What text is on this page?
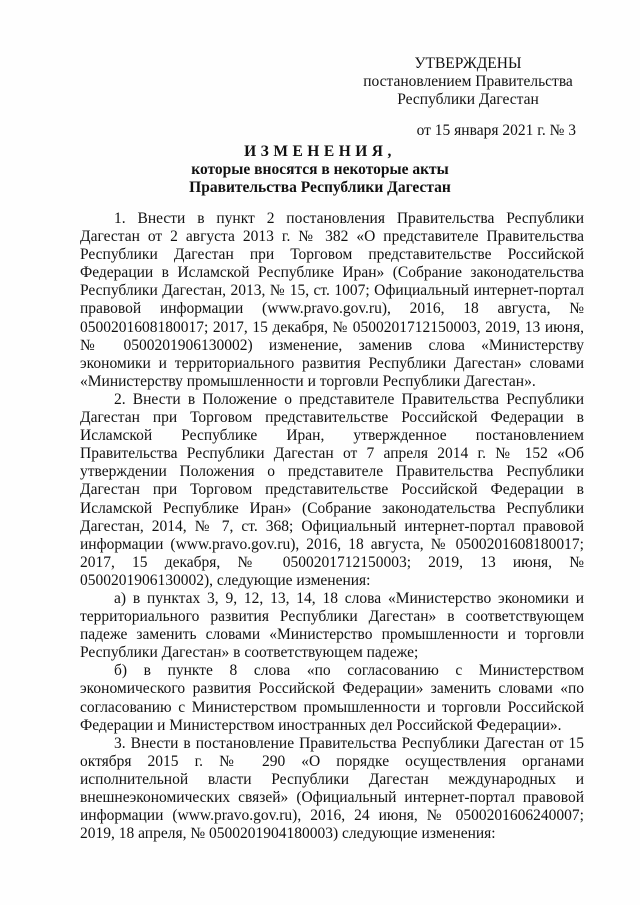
УТВЕРЖДЕНЫ
постановлением Правительства
Республики Дагестан
от 15 января 2021 г. № 3
ИЗМЕНЕНИЯ,
которые вносятся в некоторые акты
Правительства Республики Дагестан

1. Внести в пункт 2 постановления Правительства Республики Дагестан от 2 августа 2013 г. № 382 «О представителе Правительства Республики Дагестан при Торговом представительстве Российской Федерации в Исламской Республике Иран» (Собрание законодательства Республики Дагестан, 2013, № 15, ст. 1007; Официальный интернет-портал правовой информации (www.pravo.gov.ru), 2016, 18 августа, № 0500201608180017; 2017, 15 декабря, № 0500201712150003, 2019, 13 июня, № 0500201906130002) изменение, заменив слова «Министерству экономики и территориального развития Республики Дагестан» словами «Министерству промышленности и торговли Республики Дагестан».

2. Внести в Положение о представителе Правительства Республики Дагестан при Торговом представительстве Российской Федерации в Исламской Республике Иран, утвержденное постановлением Правительства Республики Дагестан от 7 апреля 2014 г. № 152 «Об утверждении Положения о представителе Правительства Республики Дагестан при Торговом представительстве Российской Федерации в Исламской Республике Иран» (Собрание законодательства Республики Дагестан, 2014, № 7, ст. 368; Официальный интернет-портал правовой информации (www.pravo.gov.ru), 2016, 18 августа, № 0500201608180017; 2017, 15 декабря, № 0500201712150003; 2019, 13 июня, № 0500201906130002), следующие изменения:

а) в пунктах 3, 9, 12, 13, 14, 18 слова «Министерство экономики и территориального развития Республики Дагестан» в соответствующем падеже заменить словами «Министерство промышленности и торговли Республики Дагестан» в соответствующем падеже;

б) в пункте 8 слова «по согласованию с Министерством экономического развития Российской Федерации» заменить словами «по согласованию с Министерством промышленности и торговли Российской Федерации и Министерством иностранных дел Российской Федерации».

3. Внести в постановление Правительства Республики Дагестан от 15 октября 2015 г. № 290 «О порядке осуществления органами исполнительной власти Республики Дагестан международных и внешнеэкономических связей» (Официальный интернет-портал правовой информации (www.pravo.gov.ru), 2016, 24 июня, № 0500201606240007; 2019, 18 апреля, № 0500201904180003) следующие изменения:
